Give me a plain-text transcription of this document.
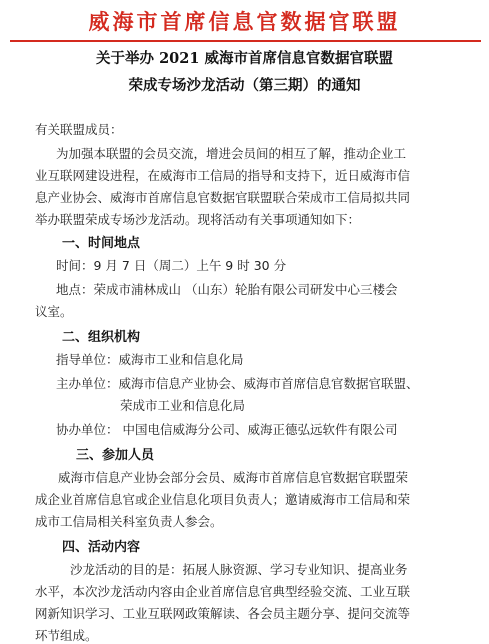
威海市首席信息官数据官联盟
关于举办 2021 威海市首席信息官数据官联盟
荣成专场沙龙活动（第三期）的通知
有关联盟成员：
为加强本联盟的会员交流，增进会员间的相互了解，推动企业工
业互联网建设进程，在威海市工信局的指导和支持下，近日威海市信
息产业协会、威海市首席信息官数据官联盟联合荣成市工信局拟共同
举办联盟荣成专场沙龙活动。现将活动有关事项通知如下：
一、时间地点
时间：9 月 7 日（周二）上午 9 时 30 分
地点：荣成市浦林成山 （山东）轮胎有限公司研发中心三楼会
议室。
二、组织机构
指导单位：威海市工业和信息化局
主办单位：威海市信息产业协会、威海市首席信息官数据官联盟、
荣成市工业和信息化局
协办单位： 中国电信威海分公司、威海正德弘远软件有限公司
三、参加人员
威海市信息产业协会部分会员、威海市首席信息官数据官联盟荣
成企业首席信息官或企业信息化项目负责人；邀请威海市工信局和荣
成市工信局相关科室负责人参会。
四、活动内容
沙龙活动的目的是：拓展人脉资源、学习专业知识、提高业务
水平，本次沙龙活动内容由企业首席信息官典型经验交流、工业互联
网新知识学习、工业互联网政策解读、各会员主题分享、提问交流等
环节组成。
